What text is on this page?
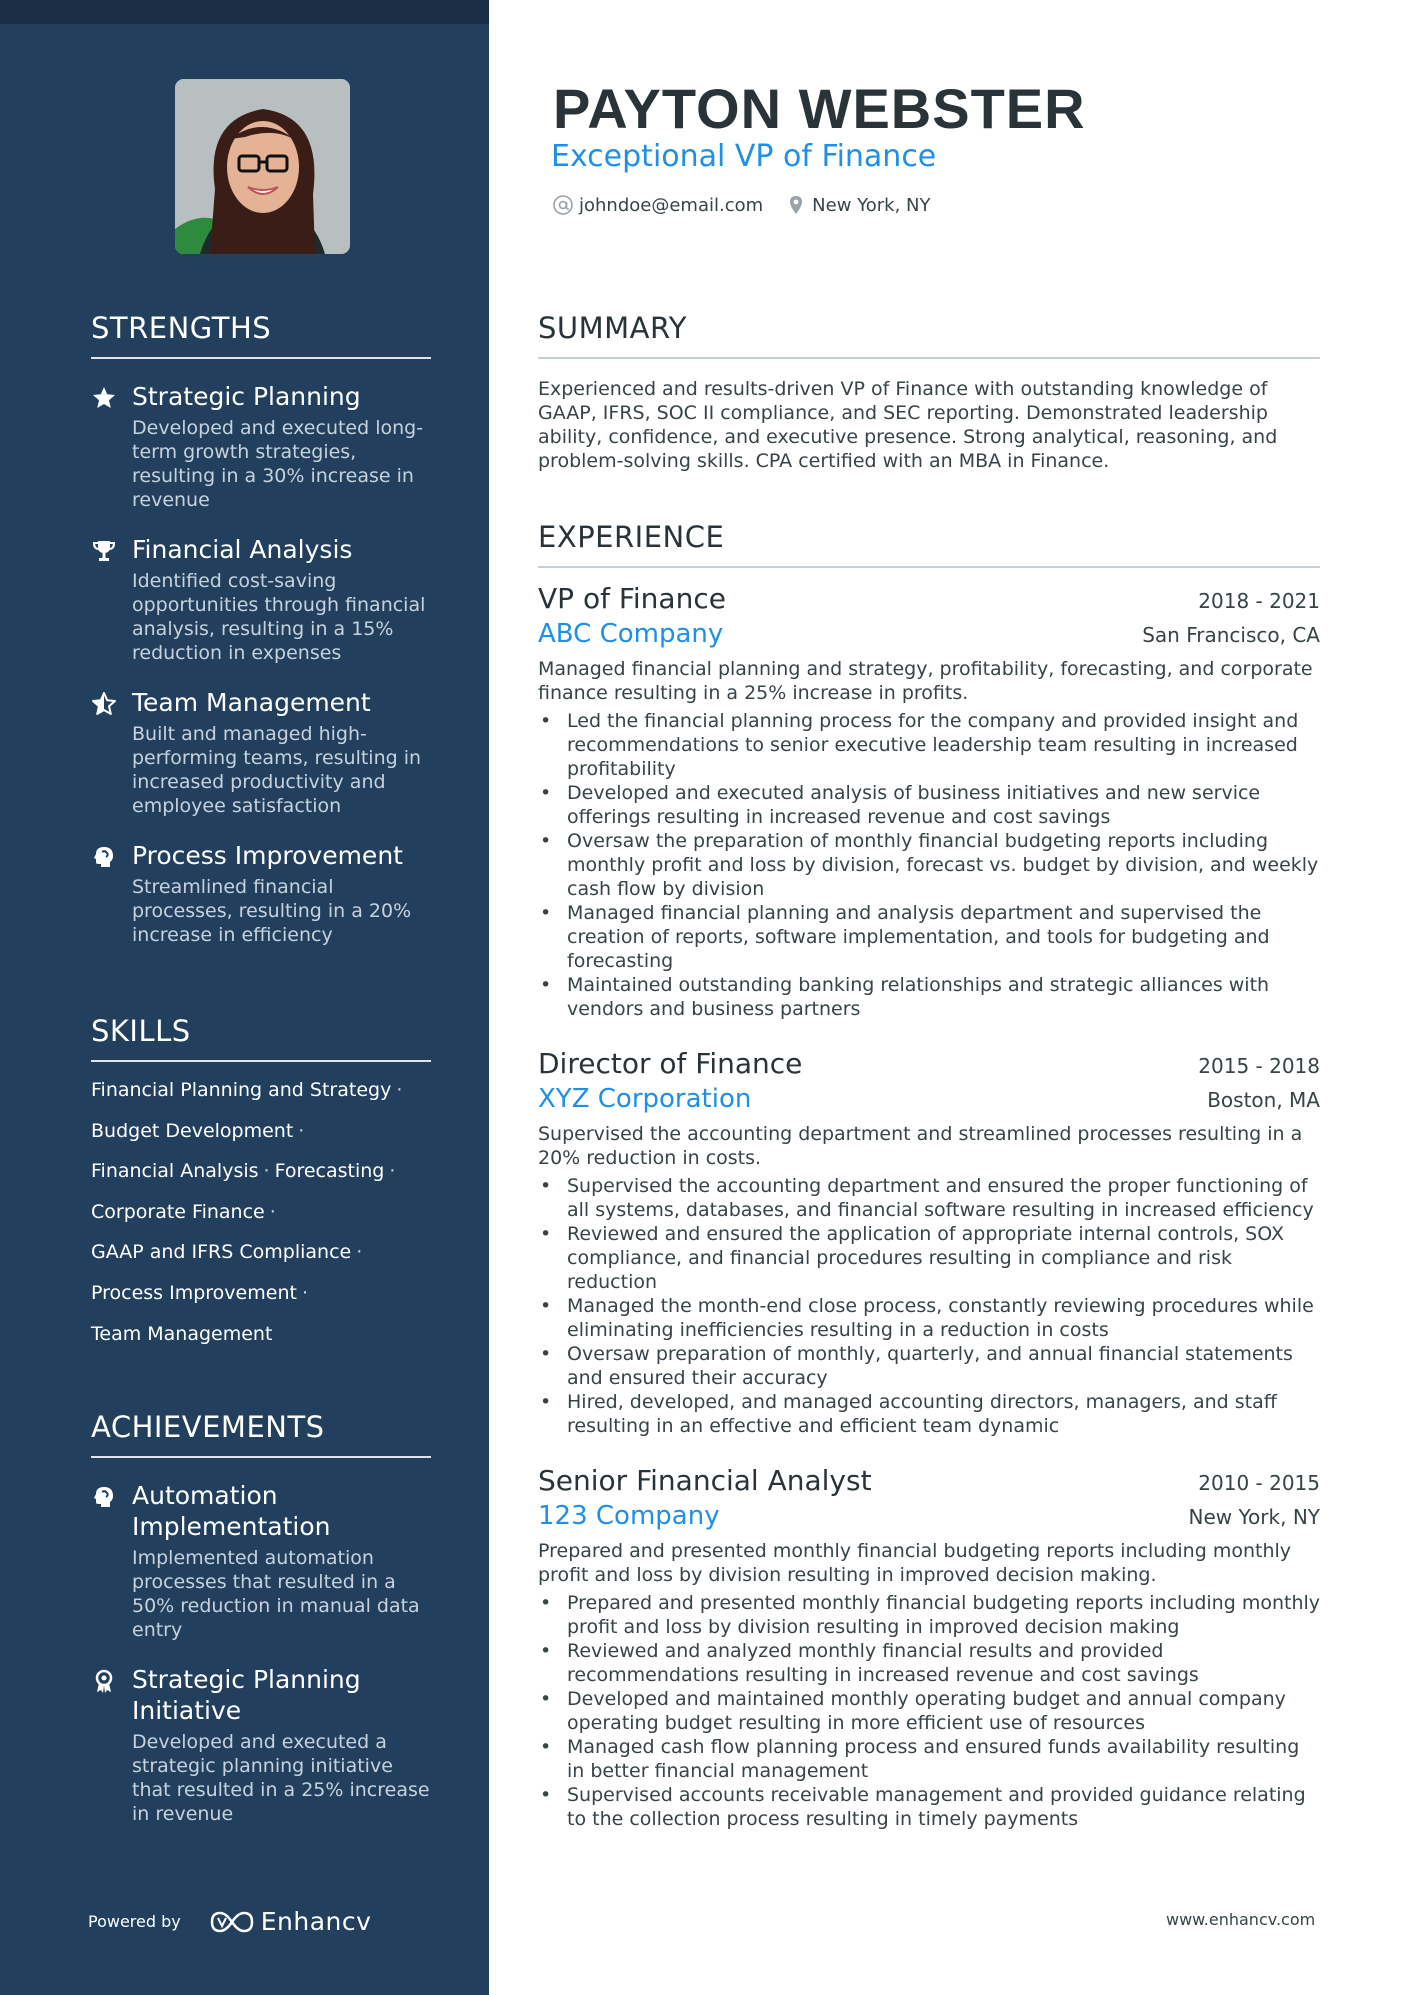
STRENGTHS
Strategic Planning
Developed and executed long-term growth strategies, resulting in a 30% increase in revenue
Financial Analysis
Identified cost-saving opportunities through financial analysis, resulting in a 15% reduction in expenses
Team Management
Built and managed high-performing teams, resulting in increased productivity and employee satisfaction
Process Improvement
Streamlined financial processes, resulting in a 20% increase in efficiency
SKILLS
Financial Planning and Strategy ·
Budget Development ·
Financial Analysis · Forecasting ·
Corporate Finance ·
GAAP and IFRS Compliance ·
Process Improvement ·
Team Management
ACHIEVEMENTS
Automation Implementation
Implemented automation processes that resulted in a 50% reduction in manual data entry
Strategic Planning Initiative
Developed and executed a strategic planning initiative that resulted in a 25% increase in revenue
Powered by	Enhancv
PAYTON WEBSTER
Exceptional VP of Finance
johndoe@email.com	New York, NY
SUMMARY
Experienced and results-driven VP of Finance with outstanding knowledge of GAAP, IFRS, SOC II compliance, and SEC reporting. Demonstrated leadership ability, confidence, and executive presence. Strong analytical, reasoning, and problem-solving skills. CPA certified with an MBA in Finance.
EXPERIENCE
VP of Finance	2018 - 2021
ABC Company	San Francisco, CA
Managed financial planning and strategy, profitability, forecasting, and corporate finance resulting in a 25% increase in profits.
• Led the financial planning process for the company and provided insight and recommendations to senior executive leadership team resulting in increased profitability
• Developed and executed analysis of business initiatives and new service offerings resulting in increased revenue and cost savings
• Oversaw the preparation of monthly financial budgeting reports including monthly profit and loss by division, forecast vs. budget by division, and weekly cash flow by division
• Managed financial planning and analysis department and supervised the creation of reports, software implementation, and tools for budgeting and forecasting
• Maintained outstanding banking relationships and strategic alliances with vendors and business partners
Director of Finance	2015 - 2018
XYZ Corporation	Boston, MA
Supervised the accounting department and streamlined processes resulting in a 20% reduction in costs.
• Supervised the accounting department and ensured the proper functioning of all systems, databases, and financial software resulting in increased efficiency
• Reviewed and ensured the application of appropriate internal controls, SOX compliance, and financial procedures resulting in compliance and risk reduction
• Managed the month-end close process, constantly reviewing procedures while eliminating inefficiencies resulting in a reduction in costs
• Oversaw preparation of monthly, quarterly, and annual financial statements and ensured their accuracy
• Hired, developed, and managed accounting directors, managers, and staff resulting in an effective and efficient team dynamic
Senior Financial Analyst	2010 - 2015
123 Company	New York, NY
Prepared and presented monthly financial budgeting reports including monthly profit and loss by division resulting in improved decision making.
• Prepared and presented monthly financial budgeting reports including monthly profit and loss by division resulting in improved decision making
• Reviewed and analyzed monthly financial results and provided recommendations resulting in increased revenue and cost savings
• Developed and maintained monthly operating budget and annual company operating budget resulting in more efficient use of resources
• Managed cash flow planning process and ensured funds availability resulting in better financial management
• Supervised accounts receivable management and provided guidance relating to the collection process resulting in timely payments
www.enhancv.com
